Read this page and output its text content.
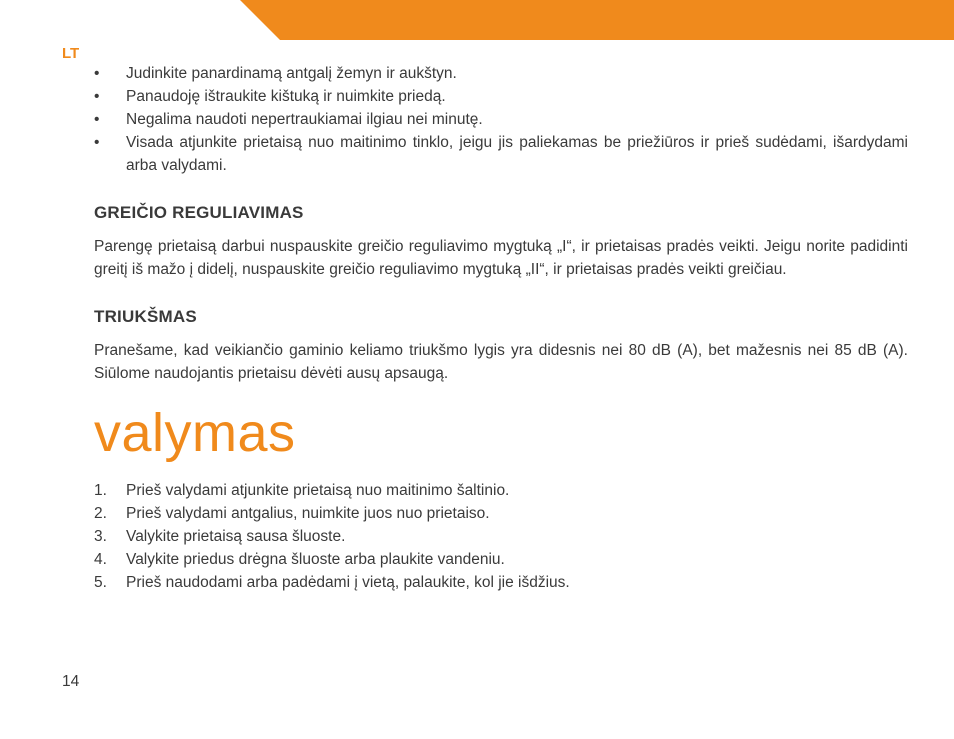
LT
•	Judinkite panardinamą antgalį žemyn ir aukštyn.
•	Panaudoję ištraukite kištuką ir nuimkite priedą.
•	Negalima naudoti nepertraukiamai ilgiau nei minutę.
•	Visada atjunkite prietaisą nuo maitinimo tinklo, jeigu jis paliekamas be priežiūros ir prieš sudėdami, išardydami arba valydami.
GREIČIO REGULIAVIMAS

Parengę prietaisą darbui nuspauskite greičio reguliavimo mygtuką „I“, ir prietaisas pradės veikti. Jeigu norite padidinti greitį iš mažo į didelį, nuspauskite greičio reguliavimo mygtuką „II“, ir prietaisas pradės veikti greičiau.

TRIUKŠMAS

Pranešame, kad veikiančio gaminio keliamo triukšmo lygis yra didesnis nei 80 dB (A), bet mažesnis nei 85 dB (A). Siūlome naudojantis prietaisu dėvėti ausų apsaugą.

valymas
1.	Prieš valydami atjunkite prietaisą nuo maitinimo šaltinio.
2.	Prieš valydami antgalius, nuimkite juos nuo prietaiso.
3.	Valykite prietaisą sausa šluoste.
4.	Valykite priedus drėgna šluoste arba plaukite vandeniu.
5.	Prieš naudodami arba padėdami į vietą, palaukite, kol jie išdžius.
14
